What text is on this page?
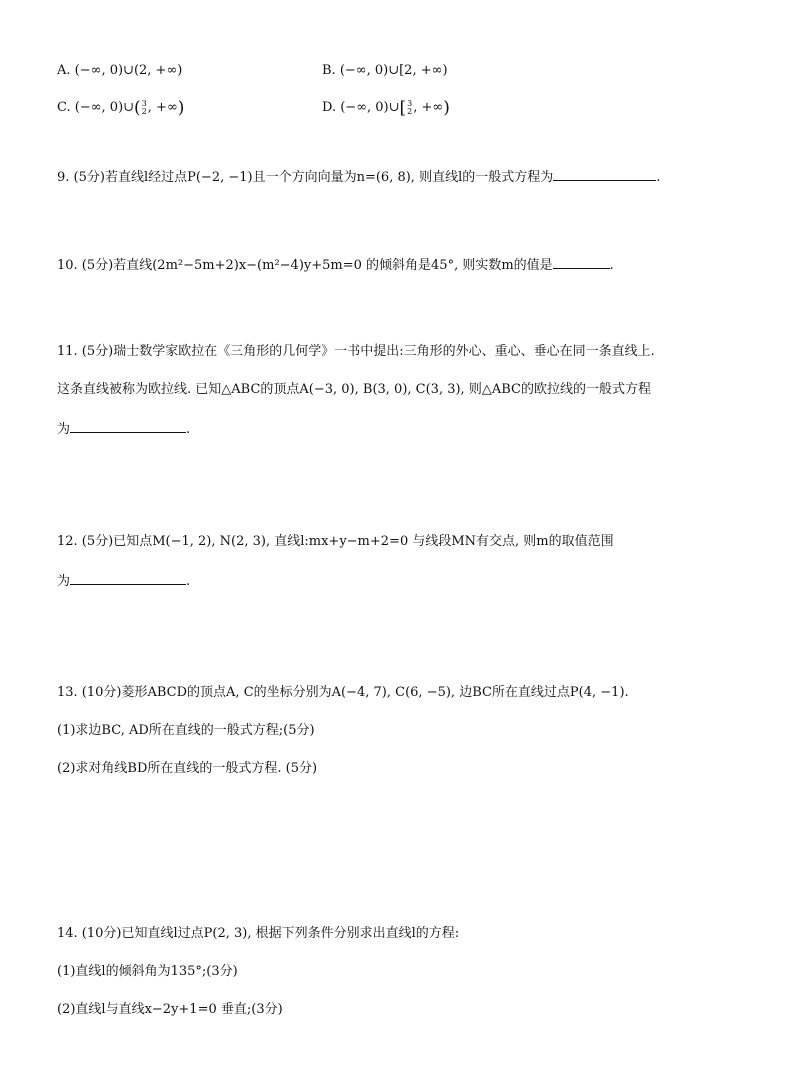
A. (−∞, 0)∪(2, +∞)	B. (−∞, 0)∪[2, +∞)
C. (−∞, 0)∪( 3
2 , +∞)	D. (−∞, 0)∪[ 3
2 , +∞)
9. (5分)若直线l经过点P(−2, −1)且一个方向向量为n=(6, 8), 则直线l的一般式方程为	.
10. (5分)若直线(2m²−5m+2)x−(m²−4)y+5m=0 的倾斜角是45°, 则实数m的值是	.
11. (5分)瑞士数学家欧拉在《三角形的几何学》一书中提出:三角形的外心、重心、垂心在同一条直线上.
这条直线被称为欧拉线. 已知△ABC的顶点A(−3, 0), B(3, 0), C(3, 3), 则△ABC的欧拉线的一般式方程
为	.
12. (5分)已知点M(−1, 2), N(2, 3), 直线l:mx+y−m+2=0 与线段MN有交点, 则m的取值范围
为	.
13. (10分)菱形ABCD的顶点A, C的坐标分别为A(−4, 7), C(6, −5), 边BC所在直线过点P(4, −1).
(1)求边BC, AD所在直线的一般式方程;(5分)
(2)求对角线BD所在直线的一般式方程. (5分)
14. (10分)已知直线l过点P(2, 3), 根据下列条件分别求出直线l的方程:
(1)直线l的倾斜角为135°;(3分)
(2)直线l与直线x−2y+1=0 垂直;(3分)
